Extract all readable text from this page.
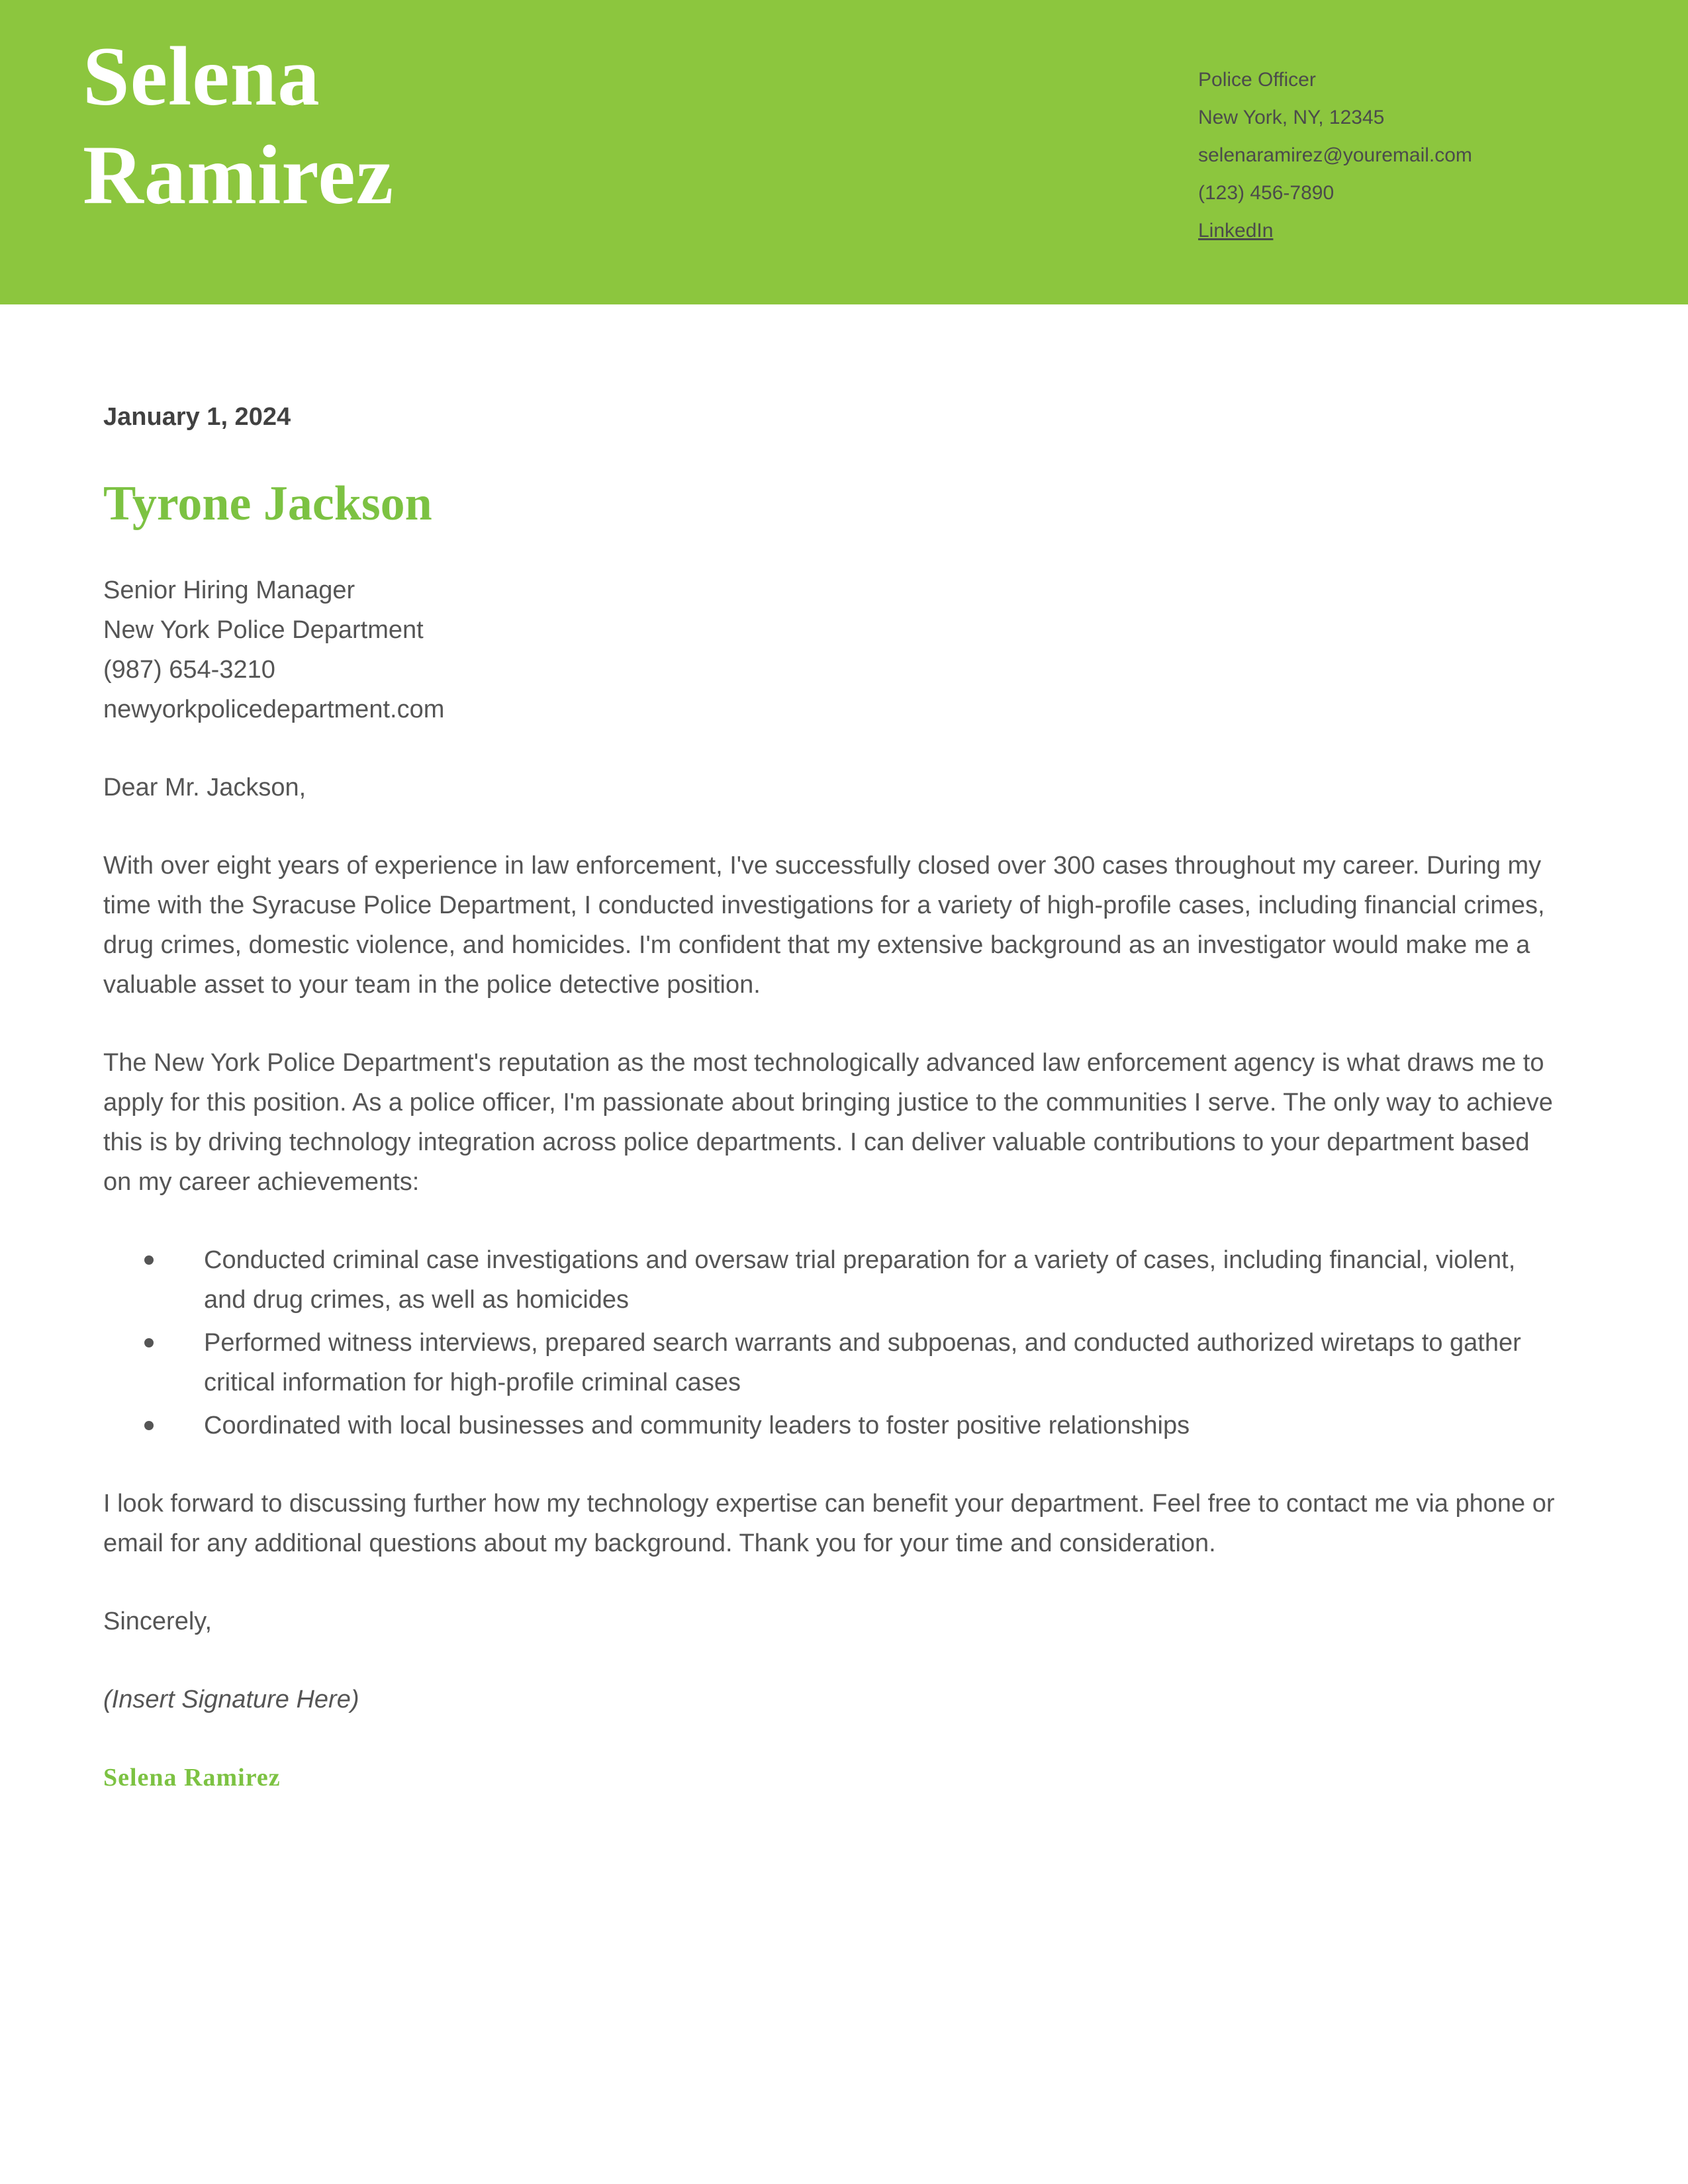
Selena
Ramirez
Police Officer
New York, NY, 12345
selenaramirez@youremail.com
(123) 456-7890
LinkedIn

January 1, 2024

Tyrone Jackson
Senior Hiring Manager
New York Police Department
(987) 654-3210
newyorkpolicedepartment.com

Dear Mr. Jackson,

With over eight years of experience in law enforcement, I've successfully closed over 300 cases throughout my career. During my time with the Syracuse Police Department, I conducted investigations for a variety of high-profile cases, including financial crimes, drug crimes, domestic violence, and homicides. I'm confident that my extensive background as an investigator would make me a valuable asset to your team in the police detective position.

The New York Police Department's reputation as the most technologically advanced law enforcement agency is what draws me to apply for this position. As a police officer, I'm passionate about bringing justice to the communities I serve. The only way to achieve this is by driving technology integration across police departments. I can deliver valuable contributions to your department based on my career achievements:

Conducted criminal case investigations and oversaw trial preparation for a variety of cases, including financial, violent, and drug crimes, as well as homicides
Performed witness interviews, prepared search warrants and subpoenas, and conducted authorized wiretaps to gather critical information for high-profile criminal cases
Coordinated with local businesses and community leaders to foster positive relationships

I look forward to discussing further how my technology expertise can benefit your department. Feel free to contact me via phone or email for any additional questions about my background. Thank you for your time and consideration.

Sincerely,

(Insert Signature Here)

Selena Ramirez
